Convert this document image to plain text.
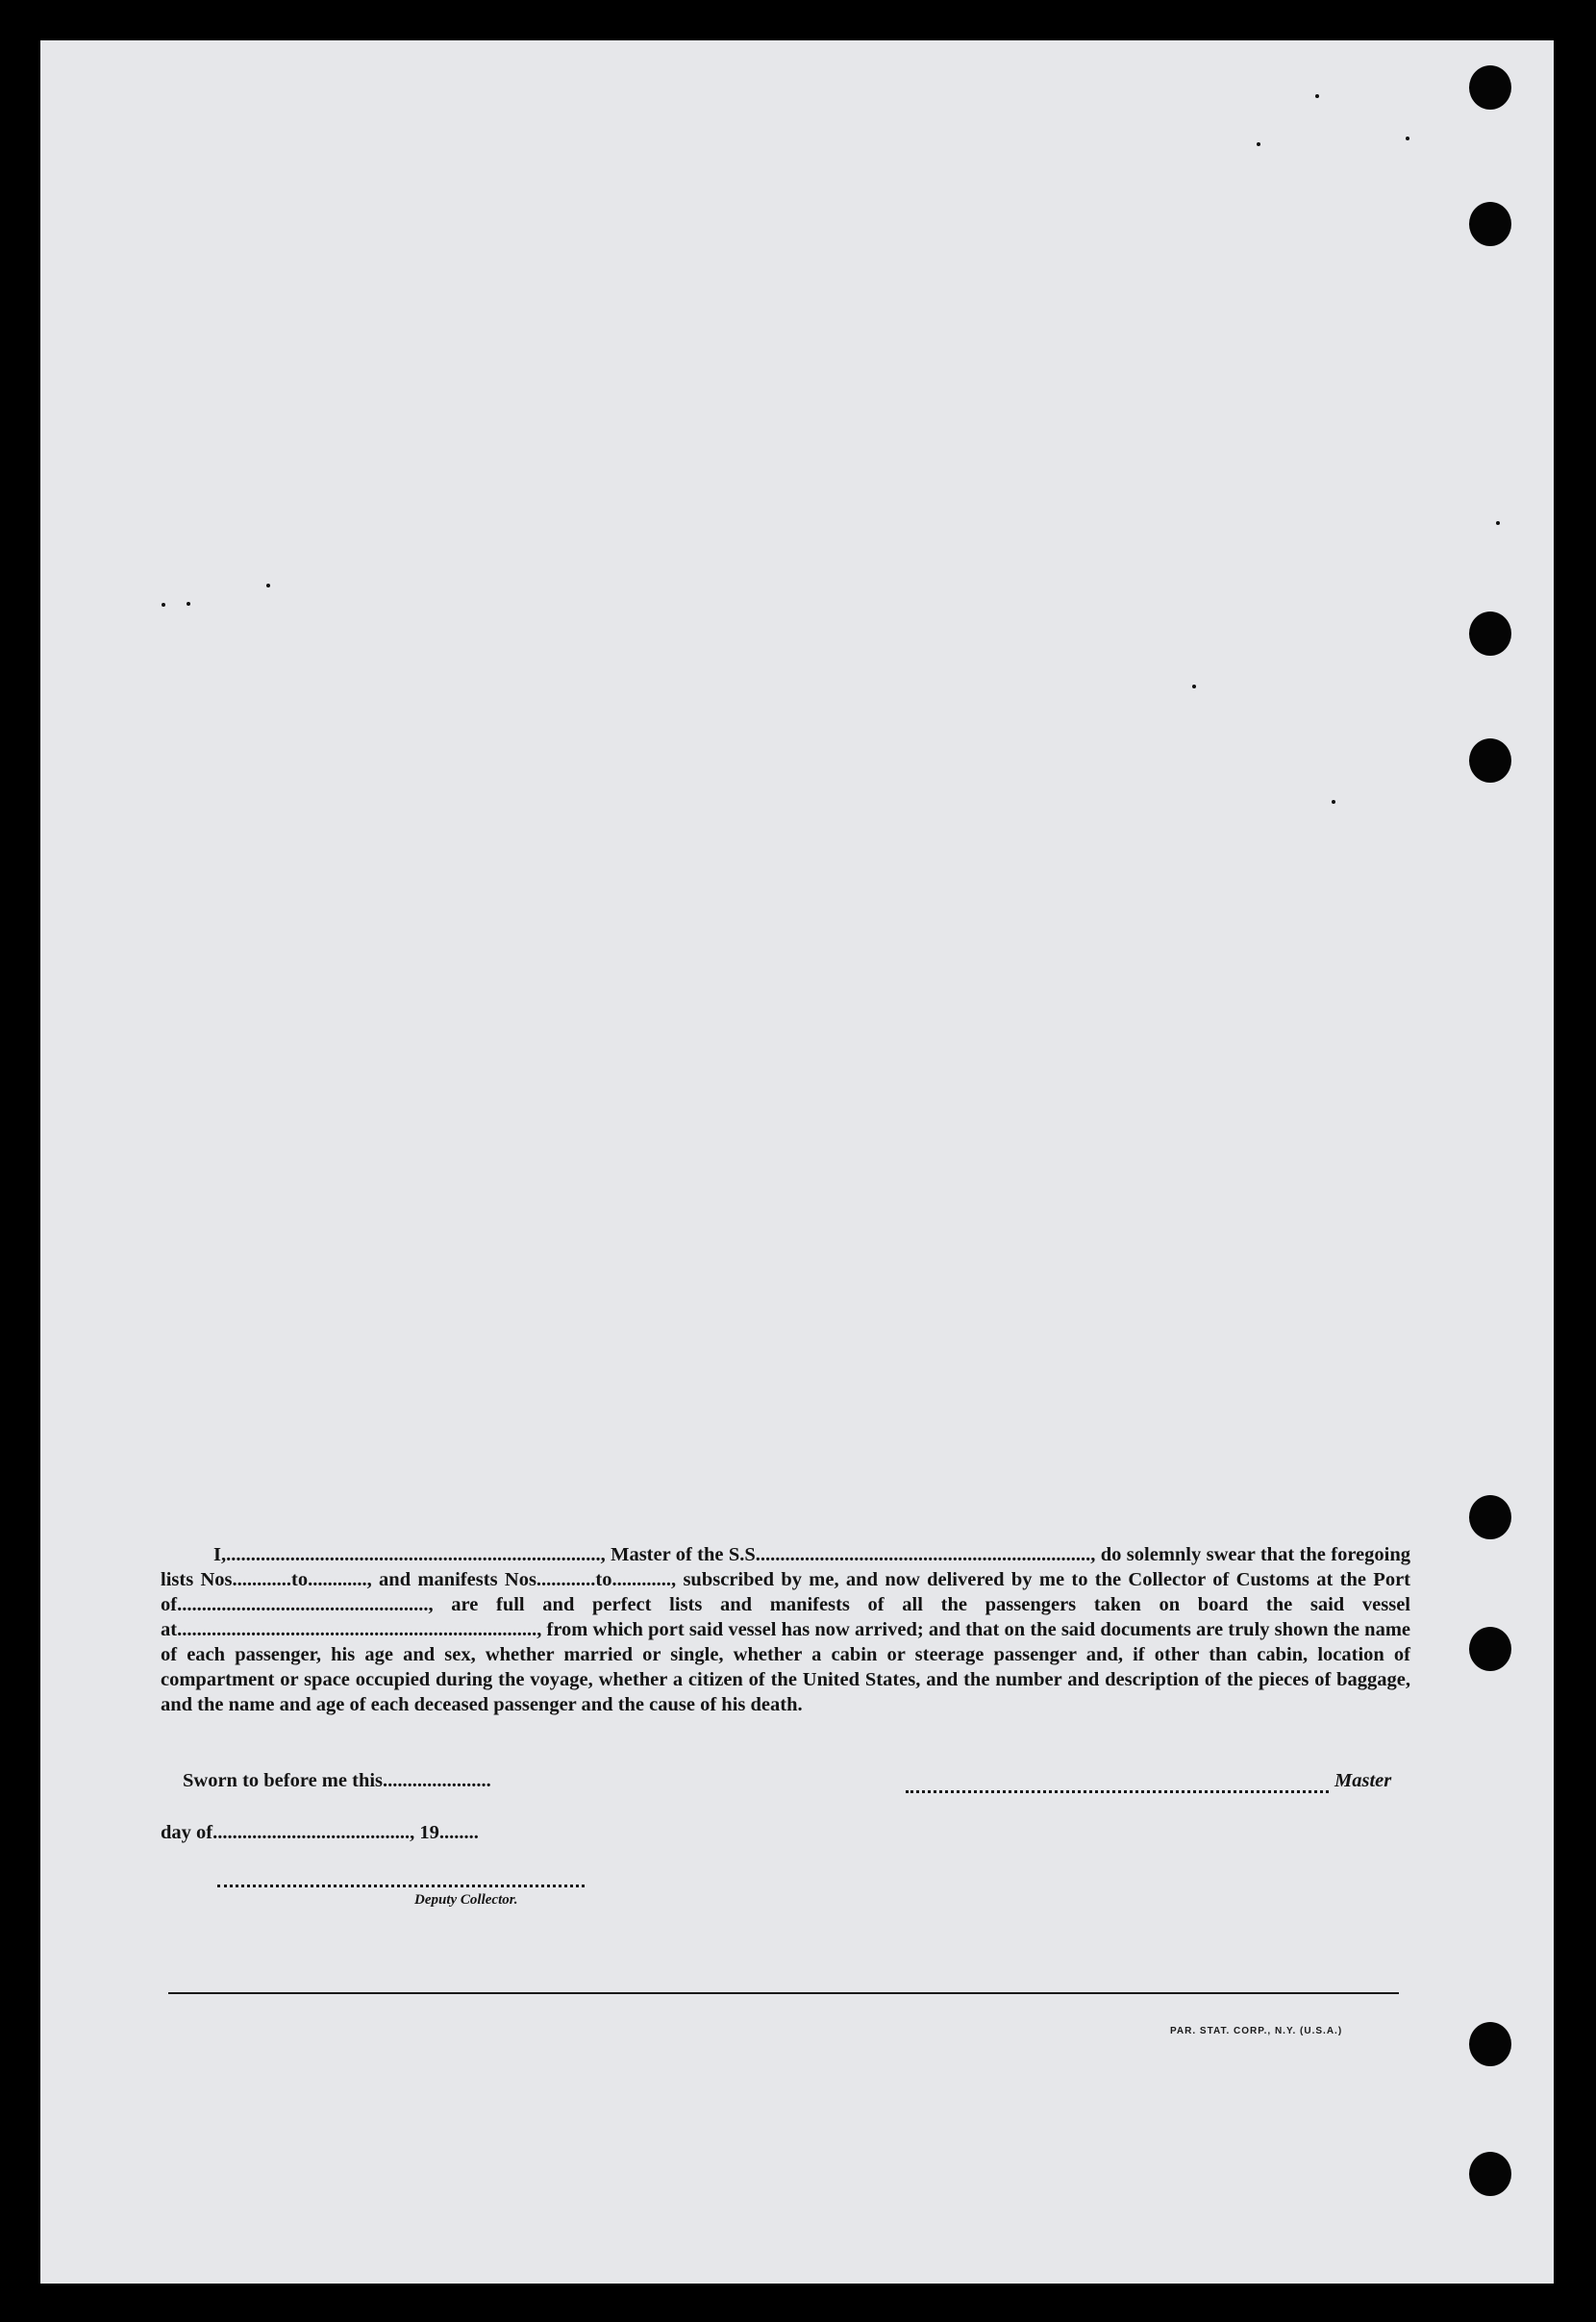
I,............................................................................, Master of the S.S...................................................................., do solemnly swear that the foregoing lists Nos............to............, and manifests Nos............to............, subscribed by me, and now delivered by me to the Collector of Customs at the Port of..................................................., are full and perfect lists and manifests of all the passengers taken on board the said vessel at........................................................................., from which port said vessel has now arrived; and that on the said documents are truly shown the name of each passenger, his age and sex, whether married or single, whether a cabin or steerage passenger and, if other than cabin, location of compartment or space occupied during the voyage, whether a citizen of the United States, and the number and description of the pieces of baggage, and the name and age of each deceased passenger and the cause of his death.

Sworn to before me this......................	Master
day of........................................, 19........
Deputy Collector.
PAR. STAT. CORP., N.Y. (U.S.A.)
